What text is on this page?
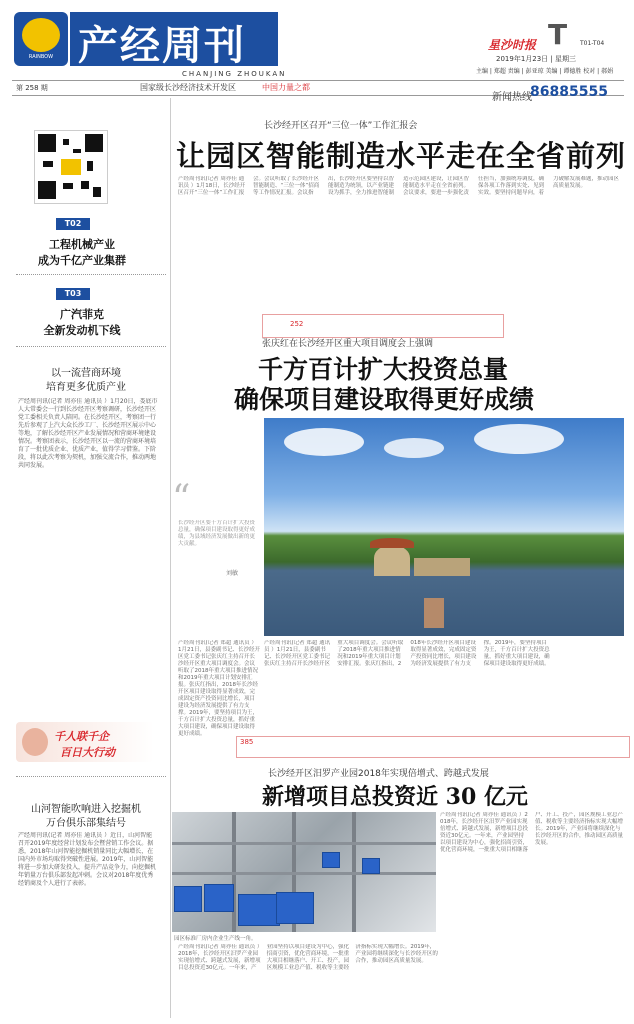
RAINBOW 产经周刊
CHANJING ZHOUKAN
T
星沙时报	T01-T04
2019年1月23日 | 星期三
主编 | 郑超 责编 | 彭亚琼 美编 | 谭德胜 校对 | 郝娟
第 258 期	国家级长沙经济技术开发区	中国力量之都
新闻热线
86885555
T02
工程机械产业
成为千亿产业集群
T03
广汽菲克
全新发动机下线
以一流营商环境
培育更多优质产业
产经周刊讯(记者 周亦佳 通讯员 ）1月20日，娄底市人大常委会一行到长沙经开区考察调研，长沙经开区党工委相关负责人陪同。在长沙经开区，考察团一行先后参观了上汽大众长沙工厂、长沙经开区展示中心等地，了解长沙经开区产业发展情况和营商环境建设情况。考察团表示，长沙经开区以一流的营商环境培育了一批优质企业、优质产业，值得学习借鉴。下阶段，将以此次考察为契机，加强交流合作，推动两地共同发展。
千人联千企
百日大行动
山河智能吹响进入挖掘机
万台俱乐部集结号
产经周刊讯(记者 周亦佳 通讯员 ）近日，山河智能召开2019年度经营计划发布会暨营销工作会议。据悉，2018年山河智能挖掘机销量同比大幅增长，在国内外市场均取得突破性进展。2019年，山河智能将进一步加大研发投入，提升产品竞争力，向挖掘机年销量万台俱乐部发起冲刺。会议对2018年度优秀经销商及个人进行了表彰。
长沙经开区召开“三位一体”工作汇报会
让园区智能制造水平走在全省前列
产经周刊讯(记者 周亦佳 通讯员 ）1月18日，长沙经开区召开“三位一体”工作汇报会。会议听取了长沙经开区智能制造、“三位一体”招商等工作情况汇报。会议指出，长沙经开区要坚持以智能制造为统领，以产业链建设为抓手，全力推进智能制造示范园区建设，让园区智能制造水平走在全省前列。会议要求，要进一步强化责任担当，加强统筹调度，确保各项工作落到实处、见到实效。要坚持问题导向，着力破解发展难题，推动园区高质量发展。
252
张庆红在长沙经开区重大项目调度会上强调
千方百计扩大投资总量
确保项目建设取得更好成绩
“
长沙经开区要千方百计扩大投资总量，确保项目建设取得更好成绩，为县域经济发展做出新的更大贡献。
刘敏
产经周刊讯(记者 郑超 通讯员 ）1月21日，县委副书记、长沙经开区党工委书记张庆红主持召开长沙经开区重大项目调度会。会议听取了2018年重大项目推进情况和2019年重大项目计划安排汇报。张庆红指出，2018年长沙经开区项目建设取得显著成效，完成固定资产投资同比增长，项目建设为经济发展提供了有力支撑。2019年，要坚持项目为王，千方百计扩大投资总量，抓好重大项目建设，确保项目建设取得更好成绩。
产经周刊讯(记者 郑超 通讯员 ）1月21日，县委副书记、长沙经开区党工委书记张庆红主持召开长沙经开区重大项目调度会。会议听取了2018年重大项目推进情况和2019年重大项目计划安排汇报。张庆红指出，2018年长沙经开区项目建设取得显著成效，完成固定资产投资同比增长，项目建设为经济发展提供了有力支撑。2019年，要坚持项目为王，千方百计扩大投资总量，抓好重大项目建设，确保项目建设取得更好成绩。
385
长沙经开区汨罗产业园2018年实现倍增式、跨越式发展
新增项目总投资近 30 亿元
园区标准厂房内企业生产线一角。
产经周刊讯(记者 周亦佳 通讯员 ）2018年，长沙经开区汨罗产业园实现倍增式、跨越式发展，新增项目总投资近30亿元。一年来，产业园坚持以项目建设为中心，强化招商引资，优化营商环境，一批重大项目相继落户、开工、投产，园区规模工业总产值、税收等主要经济指标实现大幅增长。2019年，产业园将继续深化与长沙经开区的合作，推动园区高质量发展。
产经周刊讯(记者 周亦佳 通讯员 ）2018年，长沙经开区汨罗产业园实现倍增式、跨越式发展，新增项目总投资近30亿元。一年来，产业园坚持以项目建设为中心，强化招商引资，优化营商环境，一批重大项目相继落户、开工、投产，园区规模工业总产值、税收等主要经济指标实现大幅增长。2019年，产业园将继续深化与长沙经开区的合作，推动园区高质量发展。
